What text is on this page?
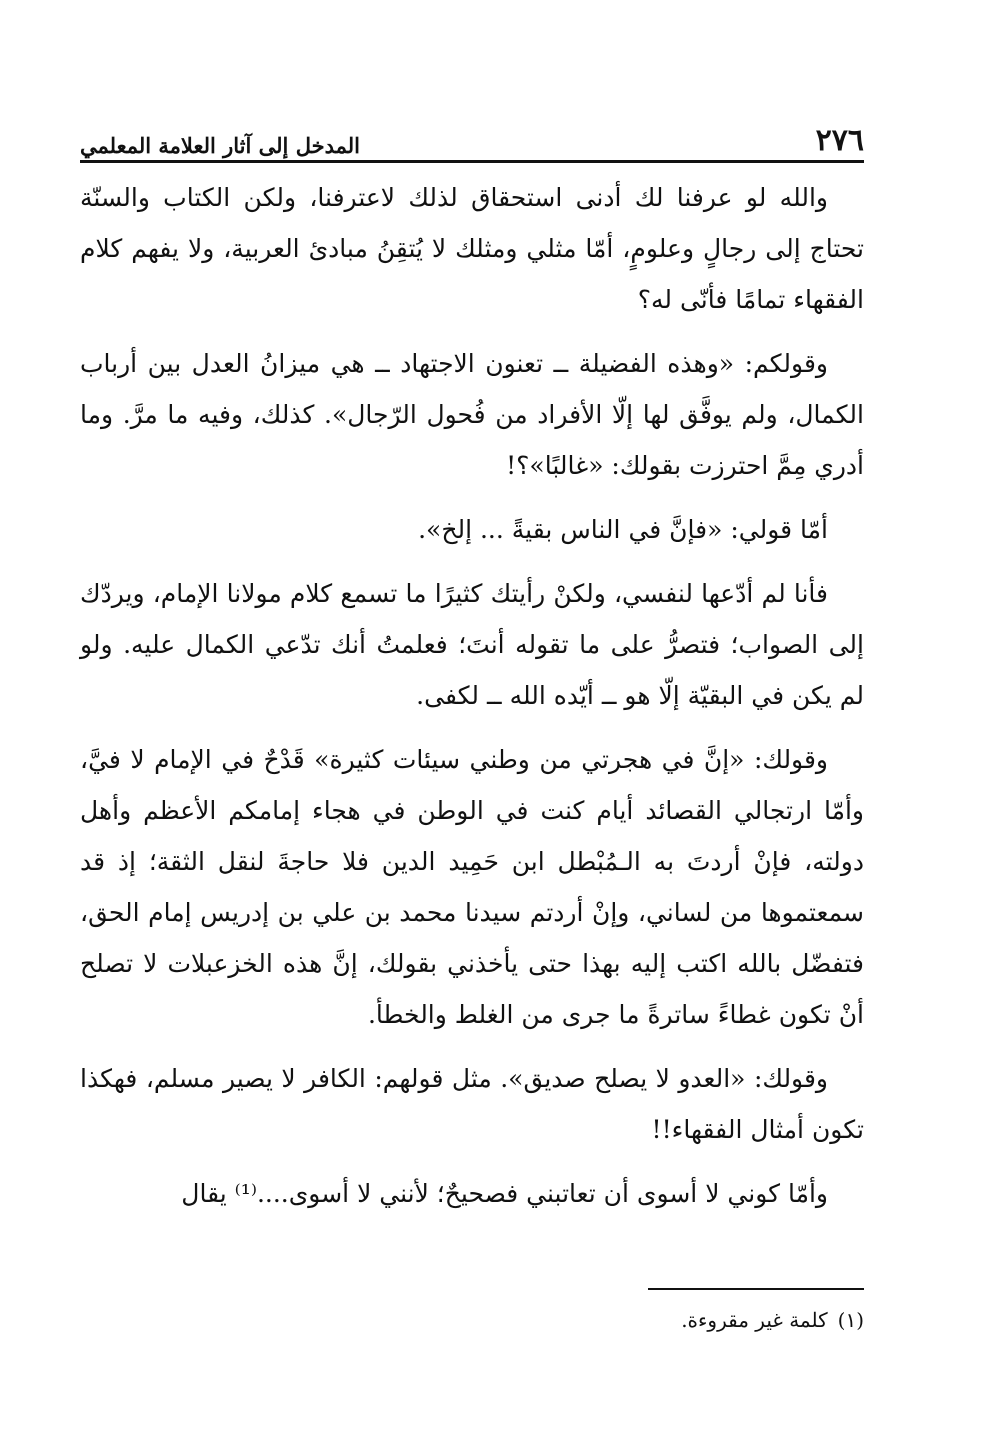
٢٧٦
المدخل إلى آثار العلامة المعلمي

والله لو عرفنا لك أدنى استحقاق لذلك لاعترفنا، ولكن الكتاب والسنّة تحتاج إلى رجالٍ وعلومٍ، أمّا مثلي ومثلك لا يُتقِنُ مبادئ العربية، ولا يفهم كلام الفقهاء تمامًا فأنّى له؟

وقولكم: «وهذه الفضيلة ــ تعنون الاجتهاد ــ هي ميزانُ العدل بين أرباب الكمال، ولم يوفَّق لها إلّا الأفراد من فُحول الرّجال». كذلك، وفيه ما مرَّ. وما أدري مِمَّ احترزت بقولك: «غالبًا»؟!

أمّا قولي: «فإنَّ في الناس بقيةً ... إلخ».

فأنا لم أدّعها لنفسي، ولكنْ رأيتك كثيرًا ما تسمع كلام مولانا الإمام، ويردّك إلى الصواب؛ فتصرُّ على ما تقوله أنتَ؛ فعلمتُ أنك تدّعي الكمال عليه. ولو لم يكن في البقيّة إلّا هو ــ أيّده الله ــ لكفى.

وقولك: «إنَّ في هجرتي من وطني سيئات كثيرة» قَدْحٌ في الإمام لا فيَّ، وأمّا ارتجالي القصائد أيام كنت في الوطن في هجاء إمامكم الأعظم وأهل دولته، فإنْ أردتَ به الـمُبْطل ابن حَمِيد الدين فلا حاجةَ لنقل الثقة؛ إذ قد سمعتموها من لساني، وإنْ أردتم سيدنا محمد بن علي بن إدريس إمام الحق، فتفضّل بالله اكتب إليه بهذا حتى يأخذني بقولك، إنَّ هذه الخزعبلات لا تصلح أنْ تكون غطاءً ساترةً ما جرى من الغلط والخطأ.

وقولك: «العدو لا يصلح صديق». مثل قولهم: الكافر لا يصير مسلم، فهكذا تكون أمثال الفقهاء!!

وأمّا كوني لا أسوى أن تعاتبني فصحيحٌ؛ لأنني لا أسوى....⁽¹⁾ يقال

(١)كلمة غير مقروءة.
